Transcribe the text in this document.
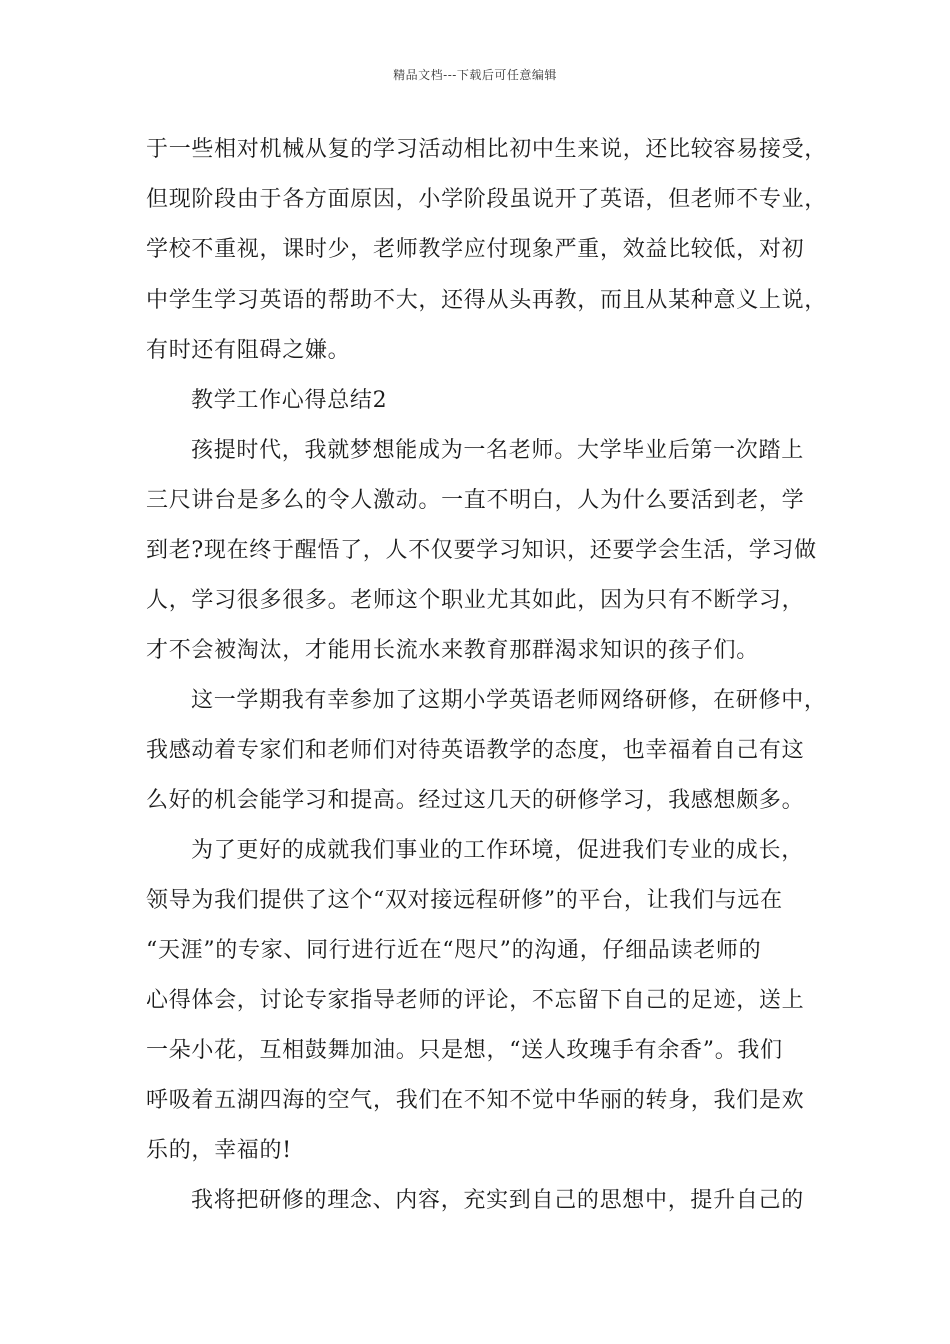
精品文档---下载后可任意编辑
于一些相对机械从复的学习活动相比初中生来说，还比较容易接受，
但现阶段由于各方面原因，小学阶段虽说开了英语，但老师不专业，
学校不重视，课时少，老师教学应付现象严重，效益比较低，对初
中学生学习英语的帮助不大，还得从头再教，而且从某种意义上说，
有时还有阻碍之嫌。
教学工作心得总结2
孩提时代，我就梦想能成为一名老师。大学毕业后第一次踏上
三尺讲台是多么的令人激动。一直不明白，人为什么要活到老，学
到老?现在终于醒悟了，人不仅要学习知识，还要学会生活，学习做
人，学习很多很多。老师这个职业尤其如此，因为只有不断学习，
才不会被淘汰，才能用长流水来教育那群渴求知识的孩子们。
这一学期我有幸参加了这期小学英语老师网络研修，在研修中，
我感动着专家们和老师们对待英语教学的态度，也幸福着自己有这
么好的机会能学习和提高。经过这几天的研修学习，我感想颇多。
为了更好的成就我们事业的工作环境，促进我们专业的成长，
领导为我们提供了这个“双对接远程研修”的平台，让我们与远在
“天涯”的专家、同行进行近在“咫尺”的沟通，仔细品读老师的
心得体会，讨论专家指导老师的评论，不忘留下自己的足迹，送上
一朵小花，互相鼓舞加油。只是想，“送人玫瑰手有余香”。我们
呼吸着五湖四海的空气，我们在不知不觉中华丽的转身，我们是欢
乐的，幸福的!
我将把研修的理念、内容，充实到自己的思想中，提升自己的
